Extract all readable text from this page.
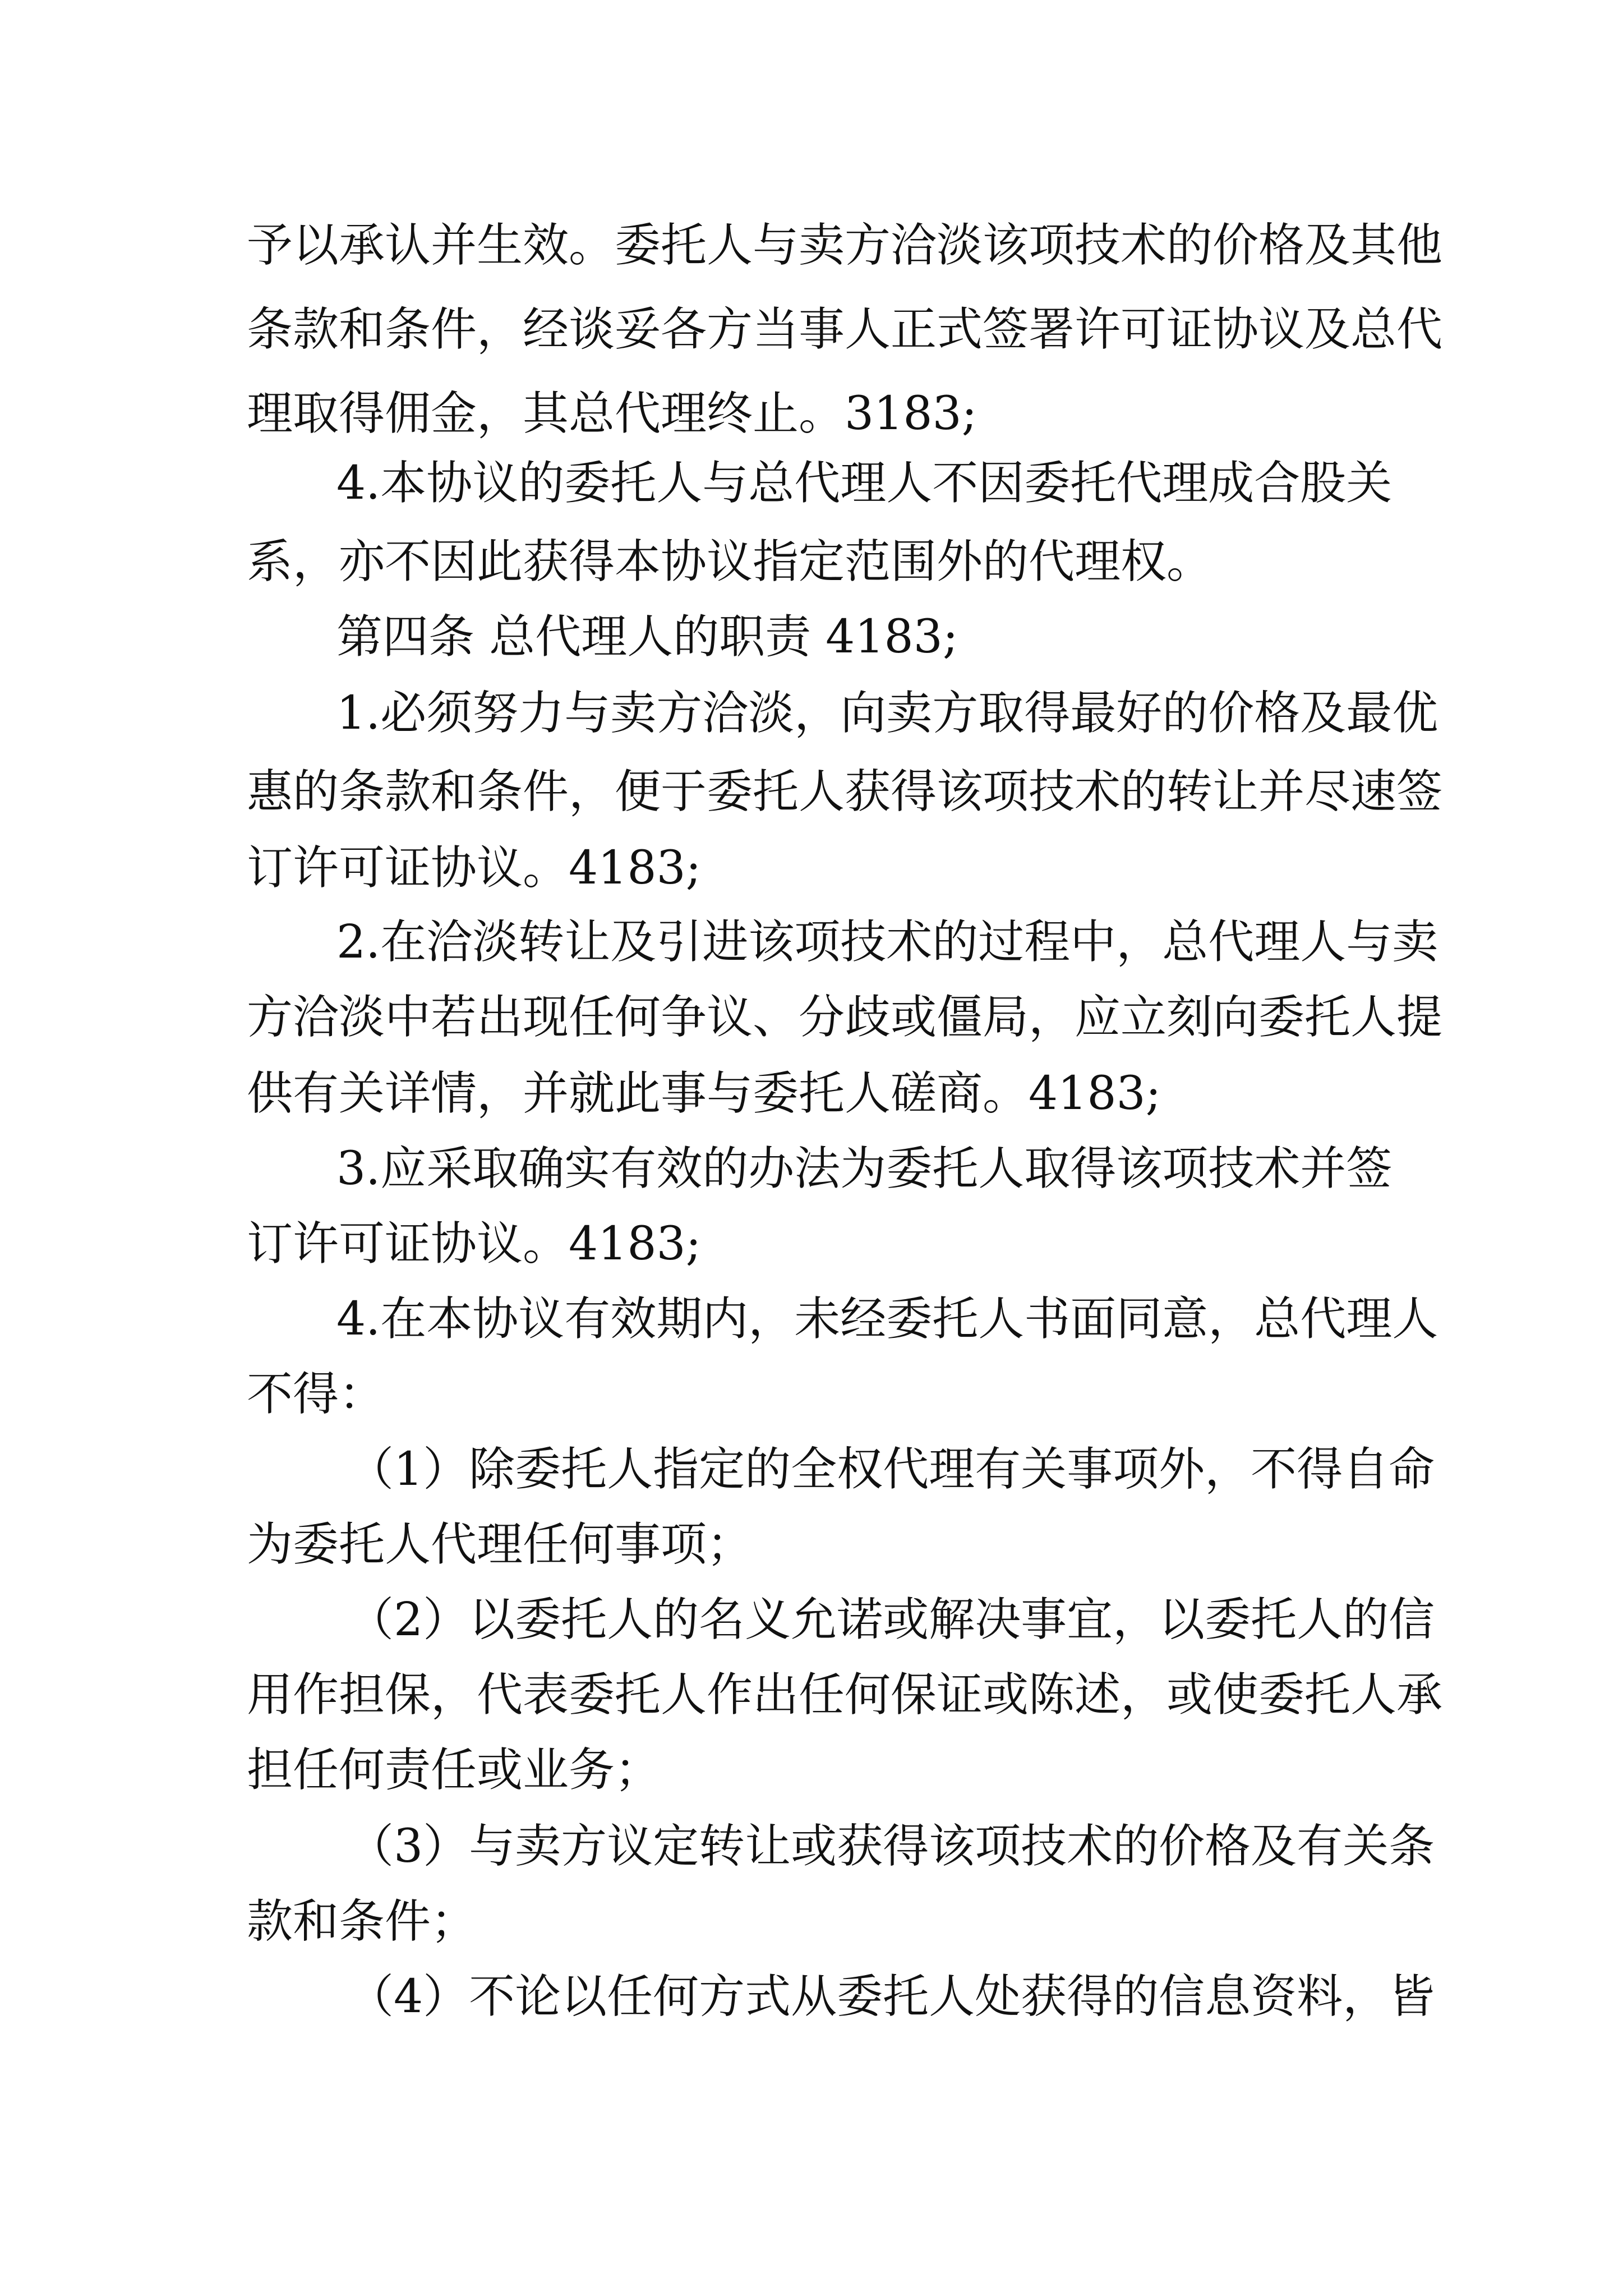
予以承认并生效。委托人与卖方洽淡该项技术的价格及其他
条款和条件，经谈妥各方当事人正式签署许可证协议及总代
理取得佣金，其总代理终止。3183;
4.本协议的委托人与总代理人不因委托代理成合股关
系，亦不因此获得本协议指定范围外的代理权。
第四条 总代理人的职责 4183;
1.必须努力与卖方洽淡，向卖方取得最好的价格及最优
惠的条款和条件，便于委托人获得该项技术的转让并尽速签
订许可证协议。4183;
2.在洽淡转让及引进该项技术的过程中，总代理人与卖
方洽淡中若出现任何争议、分歧或僵局，应立刻向委托人提
供有关详情，并就此事与委托人磋商。4183;
3.应采取确实有效的办法为委托人取得该项技术并签
订许可证协议。4183;
4.在本协议有效期内，未经委托人书面同意，总代理人
不得：
（1）除委托人指定的全权代理有关事项外，不得自命
为委托人代理任何事项；
（2）以委托人的名义允诺或解决事宜，以委托人的信
用作担保，代表委托人作出任何保证或陈述，或使委托人承
担任何责任或业务；
（3）与卖方议定转让或获得该项技术的价格及有关条
款和条件；
（4）不论以任何方式从委托人处获得的信息资料，皆
